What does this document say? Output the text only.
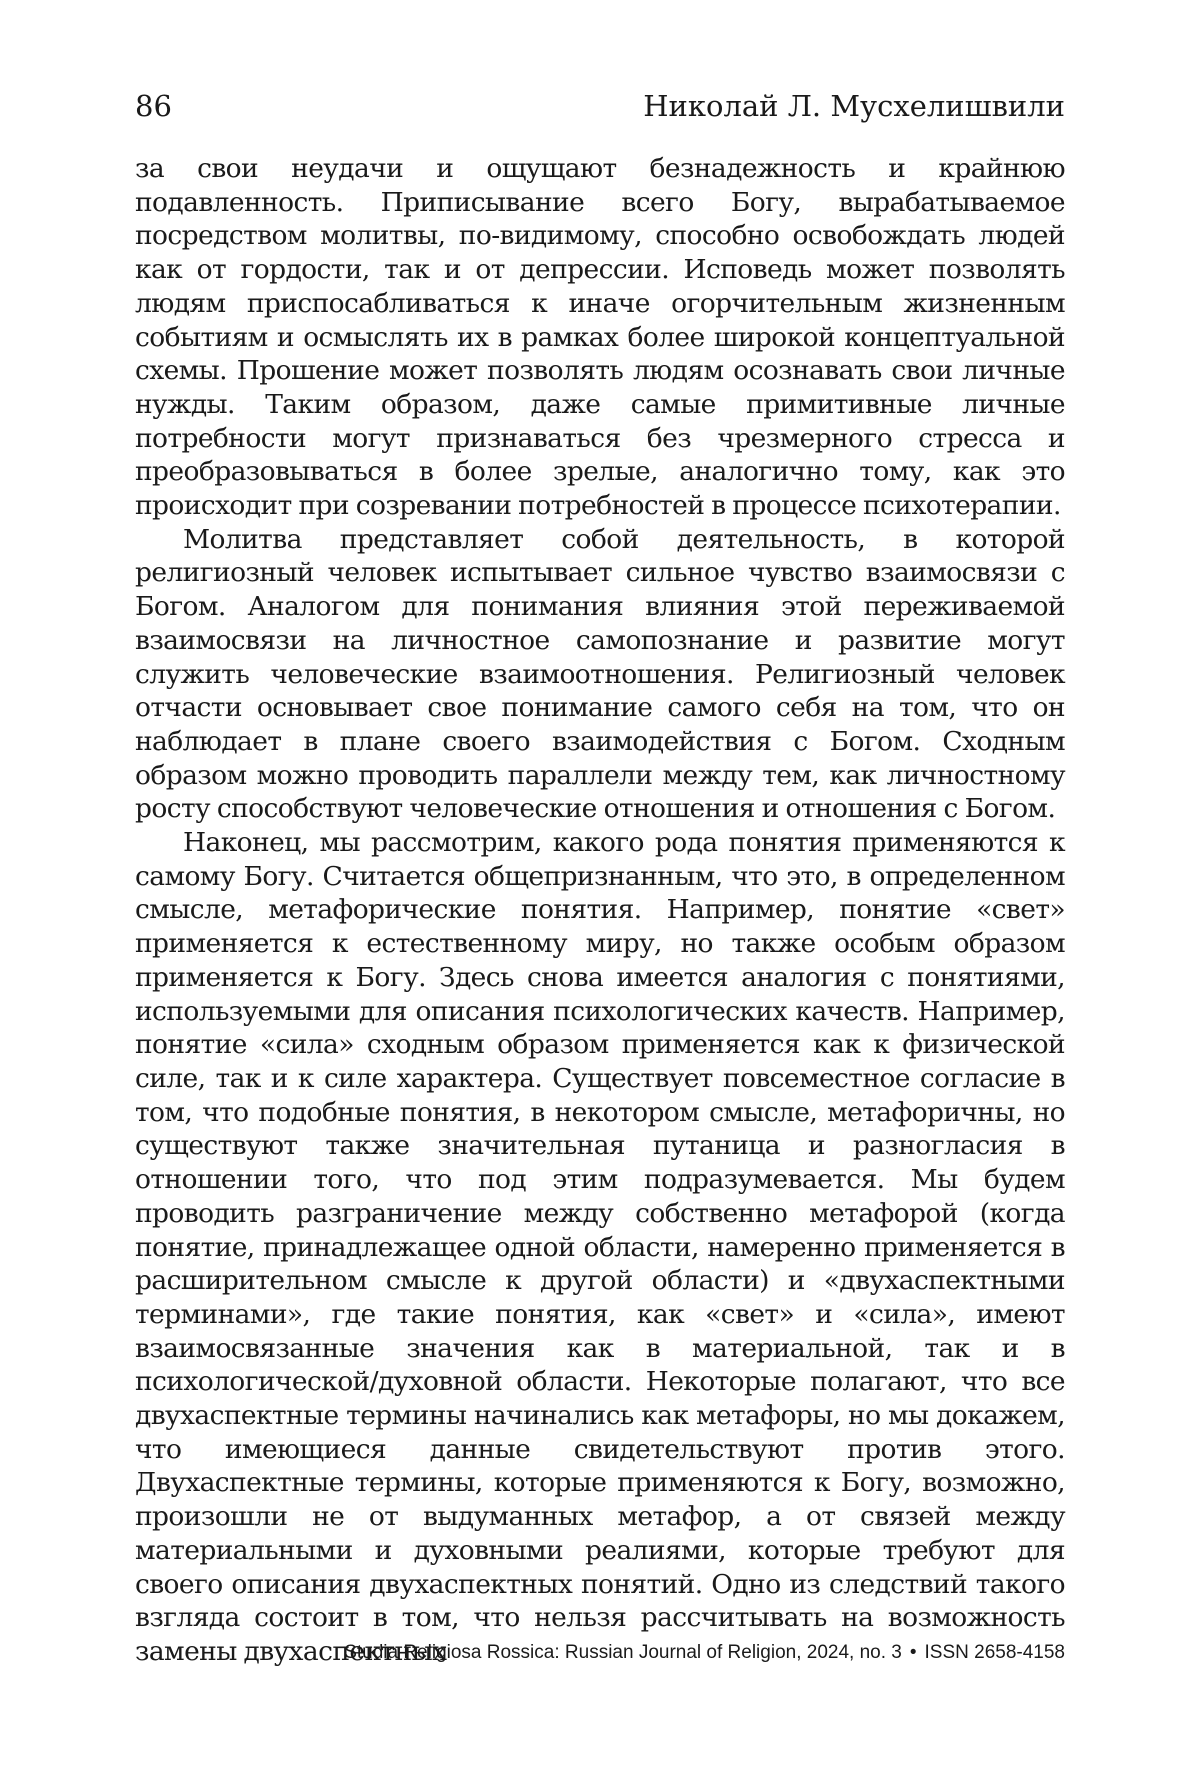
86	Николай Л. Мусхелишвили

за свои неудачи и ощущают безнадежность и крайнюю подавленность. Приписывание всего Богу, вырабатываемое посредством молитвы, по-видимому, способно освобождать людей как от гордости, так и от депрессии. Исповедь может позволять людям приспосабливаться к иначе огорчительным жизненным событиям и осмыслять их в рамках более широкой концептуальной схемы. Прошение может позволять людям осознавать свои личные нужды. Таким образом, даже самые примитивные личные потребности могут признаваться без чрезмерного стресса и преобразовываться в более зрелые, аналогично тому, как это происходит при созревании потребностей в процессе психотерапии.

Молитва представляет собой деятельность, в которой религиозный человек испытывает сильное чувство взаимосвязи с Богом. Аналогом для понимания влияния этой переживаемой взаимосвязи на личностное самопознание и развитие могут служить человеческие взаимоотношения. Религиозный человек отчасти основывает свое понимание самого себя на том, что он наблюдает в плане своего взаимодействия с Богом. Сходным образом можно проводить параллели между тем, как личностному росту способствуют человеческие отношения и отношения с Богом.

Наконец, мы рассмотрим, какого рода понятия применяются к самому Богу. Считается общепризнанным, что это, в определенном смысле, метафорические понятия. Например, понятие «свет» применяется к естественному миру, но также особым образом применяется к Богу. Здесь снова имеется аналогия с понятиями, используемыми для описания психологических качеств. Например, понятие «сила» сходным образом применяется как к физической силе, так и к силе характера. Существует повсеместное согласие в том, что подобные понятия, в некотором смысле, метафоричны, но существуют также значительная путаница и разногласия в отношении того, что под этим подразумевается. Мы будем проводить разграничение между собственно метафорой (когда понятие, принадлежащее одной области, намеренно применяется в расширительном смысле к другой области) и «двухаспектными терминами», где такие понятия, как «свет» и «сила», имеют взаимосвязанные значения как в материальной, так и в психологической/духовной области. Некоторые полагают, что все двухаспектные термины начинались как метафоры, но мы докажем, что имеющиеся данные свидетельствуют против этого. Двухаспектные термины, которые применяются к Богу, возможно, произошли не от выдуманных метафор, а от связей между материальными и духовными реалиями, которые требуют для своего описания двухаспектных понятий. Одно из следствий такого взгляда состоит в том, что нельзя рассчитывать на возможность замены двухаспектных

Studia Religiosa Rossica: Russian Journal of Religion, 2024, no. 3 • ISSN 2658-4158
